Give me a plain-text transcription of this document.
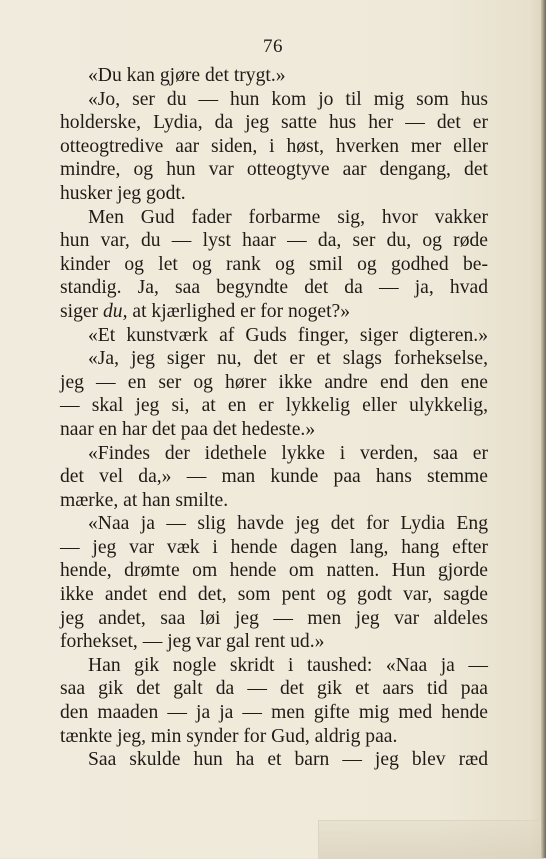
76
«Du kan gjøre det trygt.»
«Jo, ser du — hun kom jo til mig som hus
holderske, Lydia, da jeg satte hus her — det er
otteogtredive aar siden, i høst, hverken mer eller
mindre, og hun var otteogtyve aar dengang, det
husker jeg godt.
Men Gud fader forbarme sig, hvor vakker
hun var, du — lyst haar — da, ser du, og røde
kinder og let og rank og smil og godhed be-
standig. Ja, saa begyndte det da — ja, hvad
siger du, at kjærlighed er for noget?»
«Et kunstværk af Guds finger, siger digteren.»
«Ja, jeg siger nu, det er et slags forhekselse,
jeg — en ser og hører ikke andre end den ene
— skal jeg si, at en er lykkelig eller ulykkelig,
naar en har det paa det hedeste.»
«Findes der idethele lykke i verden, saa er
det vel da,» — man kunde paa hans stemme
mærke, at han smilte.
«Naa ja — slig havde jeg det for Lydia Eng
— jeg var væk i hende dagen lang, hang efter
hende, drømte om hende om natten. Hun gjorde
ikke andet end det, som pent og godt var, sagde
jeg andet, saa løi jeg — men jeg var aldeles
forhekset, — jeg var gal rent ud.»
Han gik nogle skridt i taushed: «Naa ja —
saa gik det galt da — det gik et aars tid paa
den maaden — ja ja — men gifte mig med hende
tænkte jeg, min synder for Gud, aldrig paa.
Saa skulde hun ha et barn — jeg blev ræd
